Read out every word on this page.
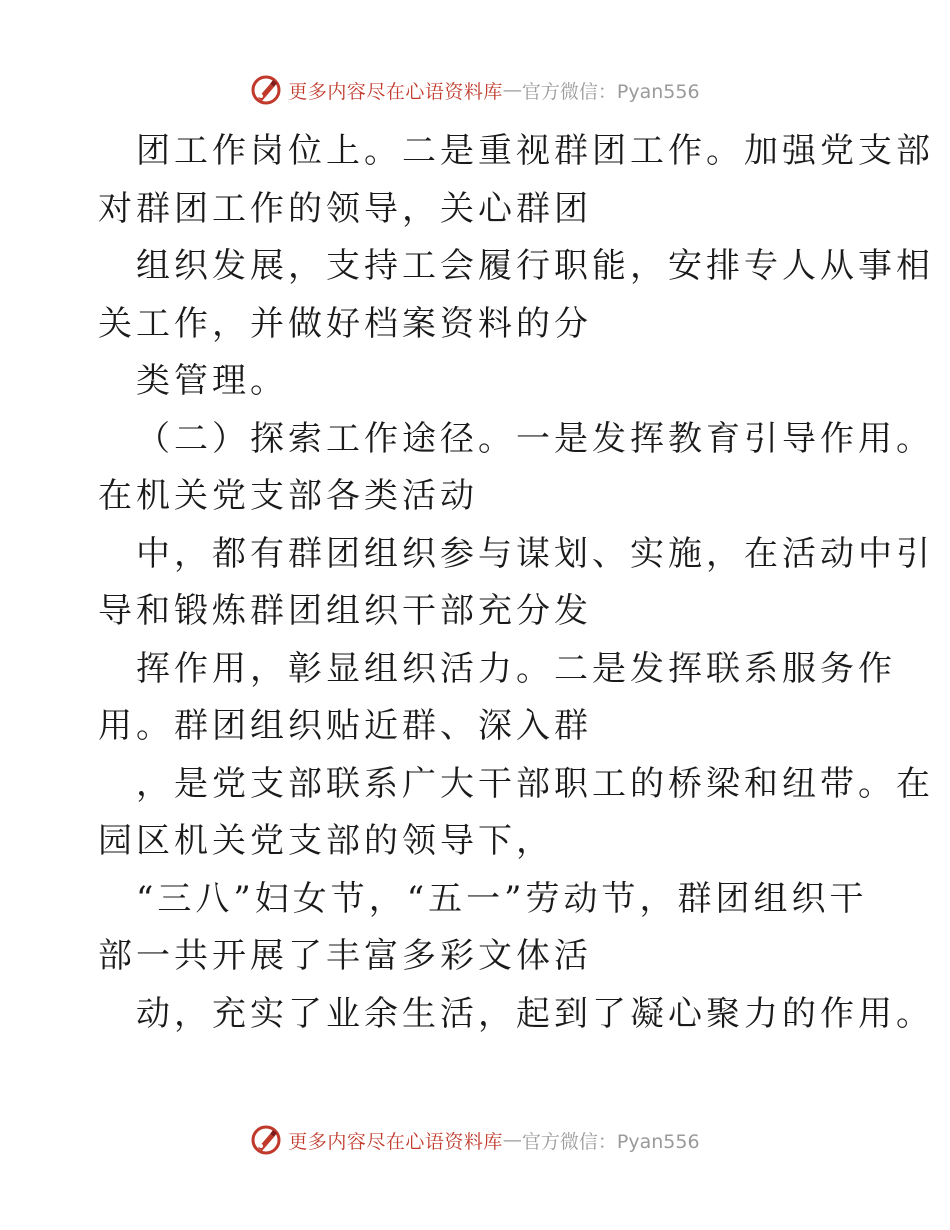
更多内容尽在心语资料库 — 官方微信：Pyan556
团工作岗位上。二是重视群团工作。加强党支部
对群团工作的领导，关心群团
组织发展，支持工会履行职能，安排专人从事相
关工作，并做好档案资料的分
类管理。
（二）探索工作途径。一是发挥教育引导作用。
在机关党支部各类活动
中，都有群团组织参与谋划、实施，在活动中引
导和锻炼群团组织干部充分发
挥作用，彰显组织活力。二是发挥联系服务作
用。群团组织贴近群、深入群
，是党支部联系广大干部职工的桥梁和纽带。在
园区机关党支部的领导下，
“三八”妇女节，“五一”劳动节，群团组织干
部一共开展了丰富多彩文体活
动，充实了业余生活，起到了凝心聚力的作用。
更多内容尽在心语资料库 — 官方微信：Pyan556
